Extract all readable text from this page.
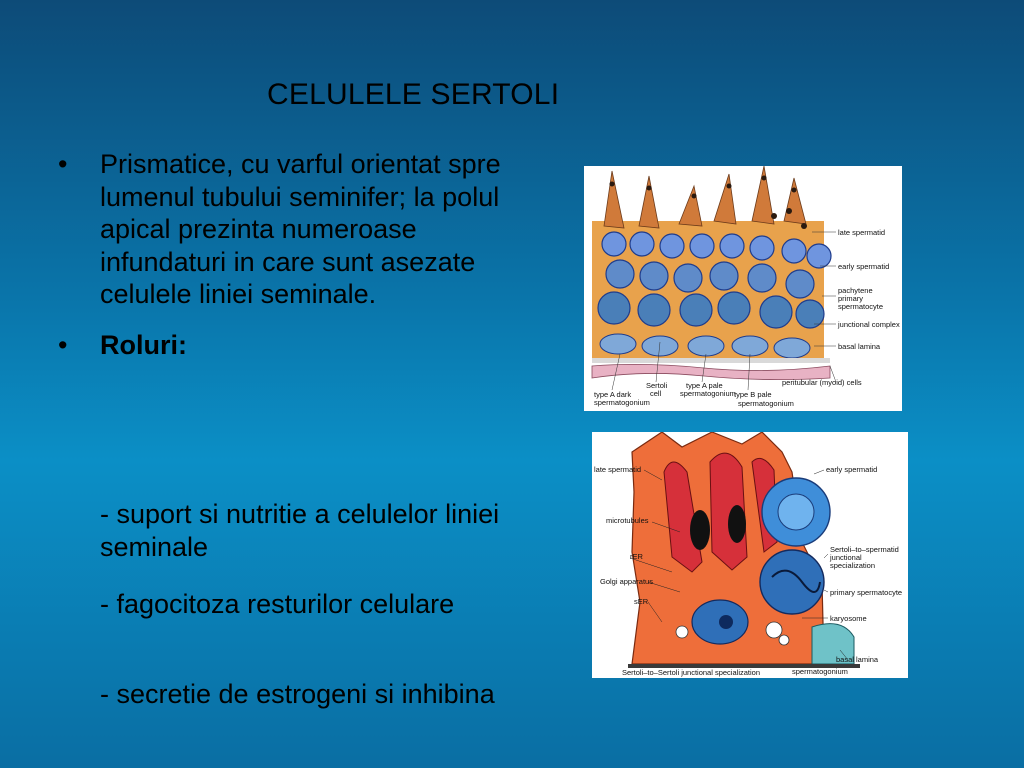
CELULELE SERTOLI
• Prismatice, cu varful orientat spre lumenul tubului seminifer; la polul apical prezinta numeroase infundaturi in care sunt asezate celulele liniei seminale.
• Roluri:
- suport si nutritie a celulelor liniei seminale
- fagocitoza resturilor celulare
- secretie de estrogeni si inhibina
late spermatid
early spermatid
pachytene
primary
spermatocyte
junctional complex
basal lamina
peritubular (myoid) cells
type A dark
spermatogonium
Sertoli
cell
type A pale
spermatogonium
type B pale
spermatogonium
late spermatid
microtubules
rER
Golgi apparatus
sER
early spermatid
Sertoli–to–spermatid
junctional
specialization
primary spermatocyte
karyosome
basal lamina
spermatogonium
Sertoli–to–Sertoli junctional specialization
